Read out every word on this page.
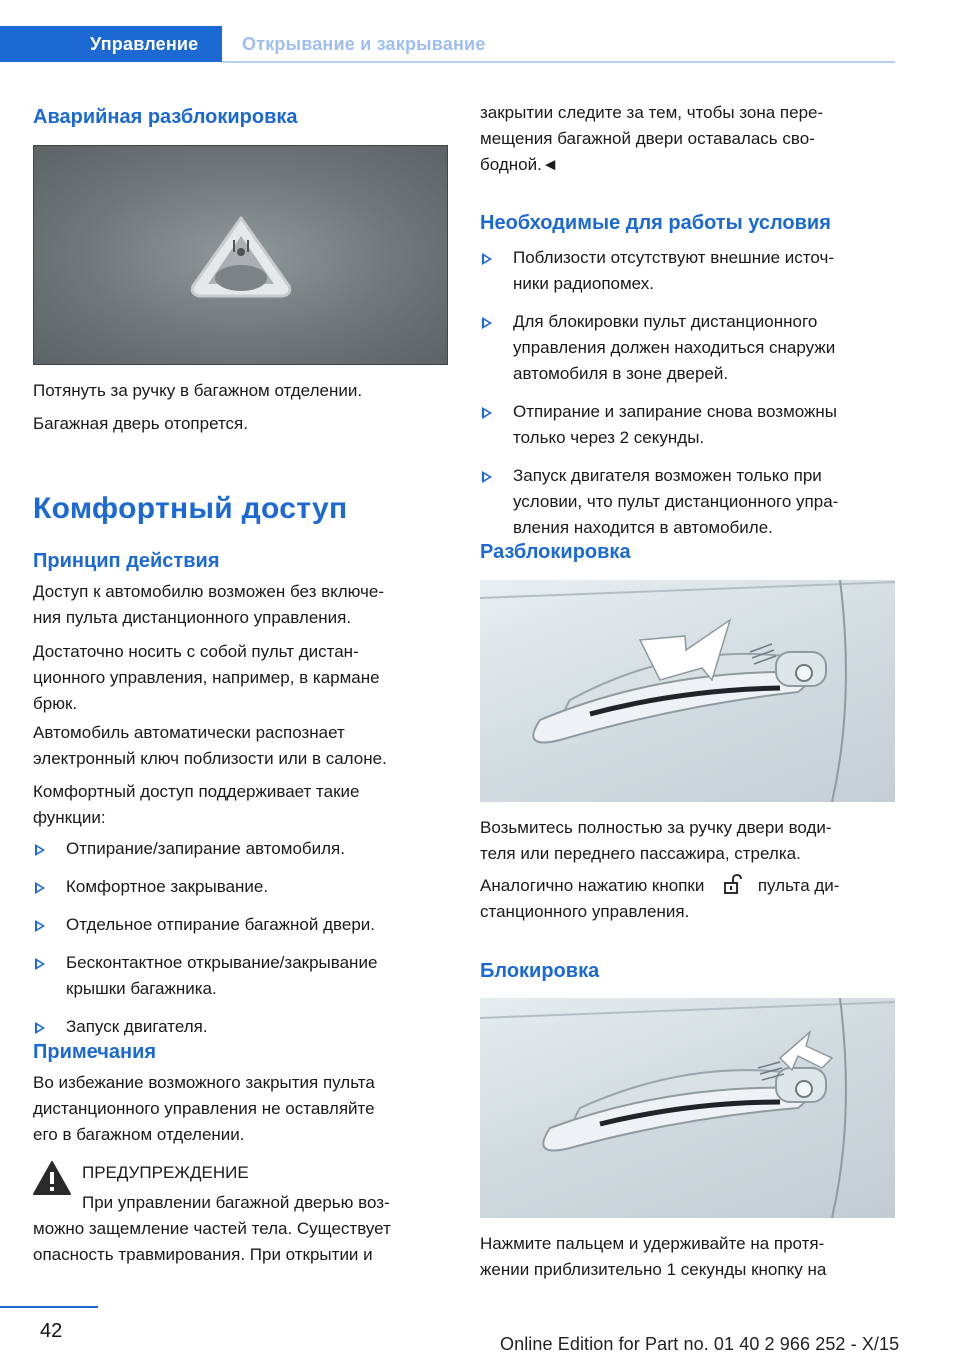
Управление Открывание и закрывание
Аварийная разблокировка
Потянуть за ручку в багажном отделении.
Багажная дверь отопрется.
Комфортный доступ
Принцип действия
Доступ к автомобилю возможен без включе-
ния пульта дистанционного управления.
Достаточно носить с собой пульт дистан-
ционного управления, например, в кармане
брюк.
Автомобиль автоматически распознает
электронный ключ поблизости или в салоне.
Комфортный доступ поддерживает такие
функции:
Отпирание/запирание автомобиля.
Комфортное закрывание.
Отдельное отпирание багажной двери.
Бесконтактное открывание/закрывание
крышки багажника.
Запуск двигателя.
Примечания
Во избежание возможного закрытия пульта
дистанционного управления не оставляйте
его в багажном отделении.
ПРЕДУПРЕЖДЕНИЕ
При управлении багажной дверью воз-
можно защемление частей тела. Существует
опасность травмирования. При открытии и
закрытии следите за тем, чтобы зона пере-
мещения багажной двери оставалась сво-
бодной.◄
Необходимые для работы условия
Поблизости отсутствуют внешние источ-
ники радиопомех.
Для блокировки пульт дистанционного
управления должен находиться снаружи
автомобиля в зоне дверей.
Отпирание и запирание снова возможны
только через 2 секунды.
Запуск двигателя возможен только при
условии, что пульт дистанционного упра-
вления находится в автомобиле.
Разблокировка
Возьмитесь полностью за ручку двери води-
теля или переднего пассажира, стрелка.
Аналогично нажатию кнопки	пульта ди-
станционного управления.
Блокировка
Нажмите пальцем и удерживайте на протя-
жении приблизительно 1 секунды кнопку на
42
Online Edition for Part no. 01 40 2 966 252 - X/15
